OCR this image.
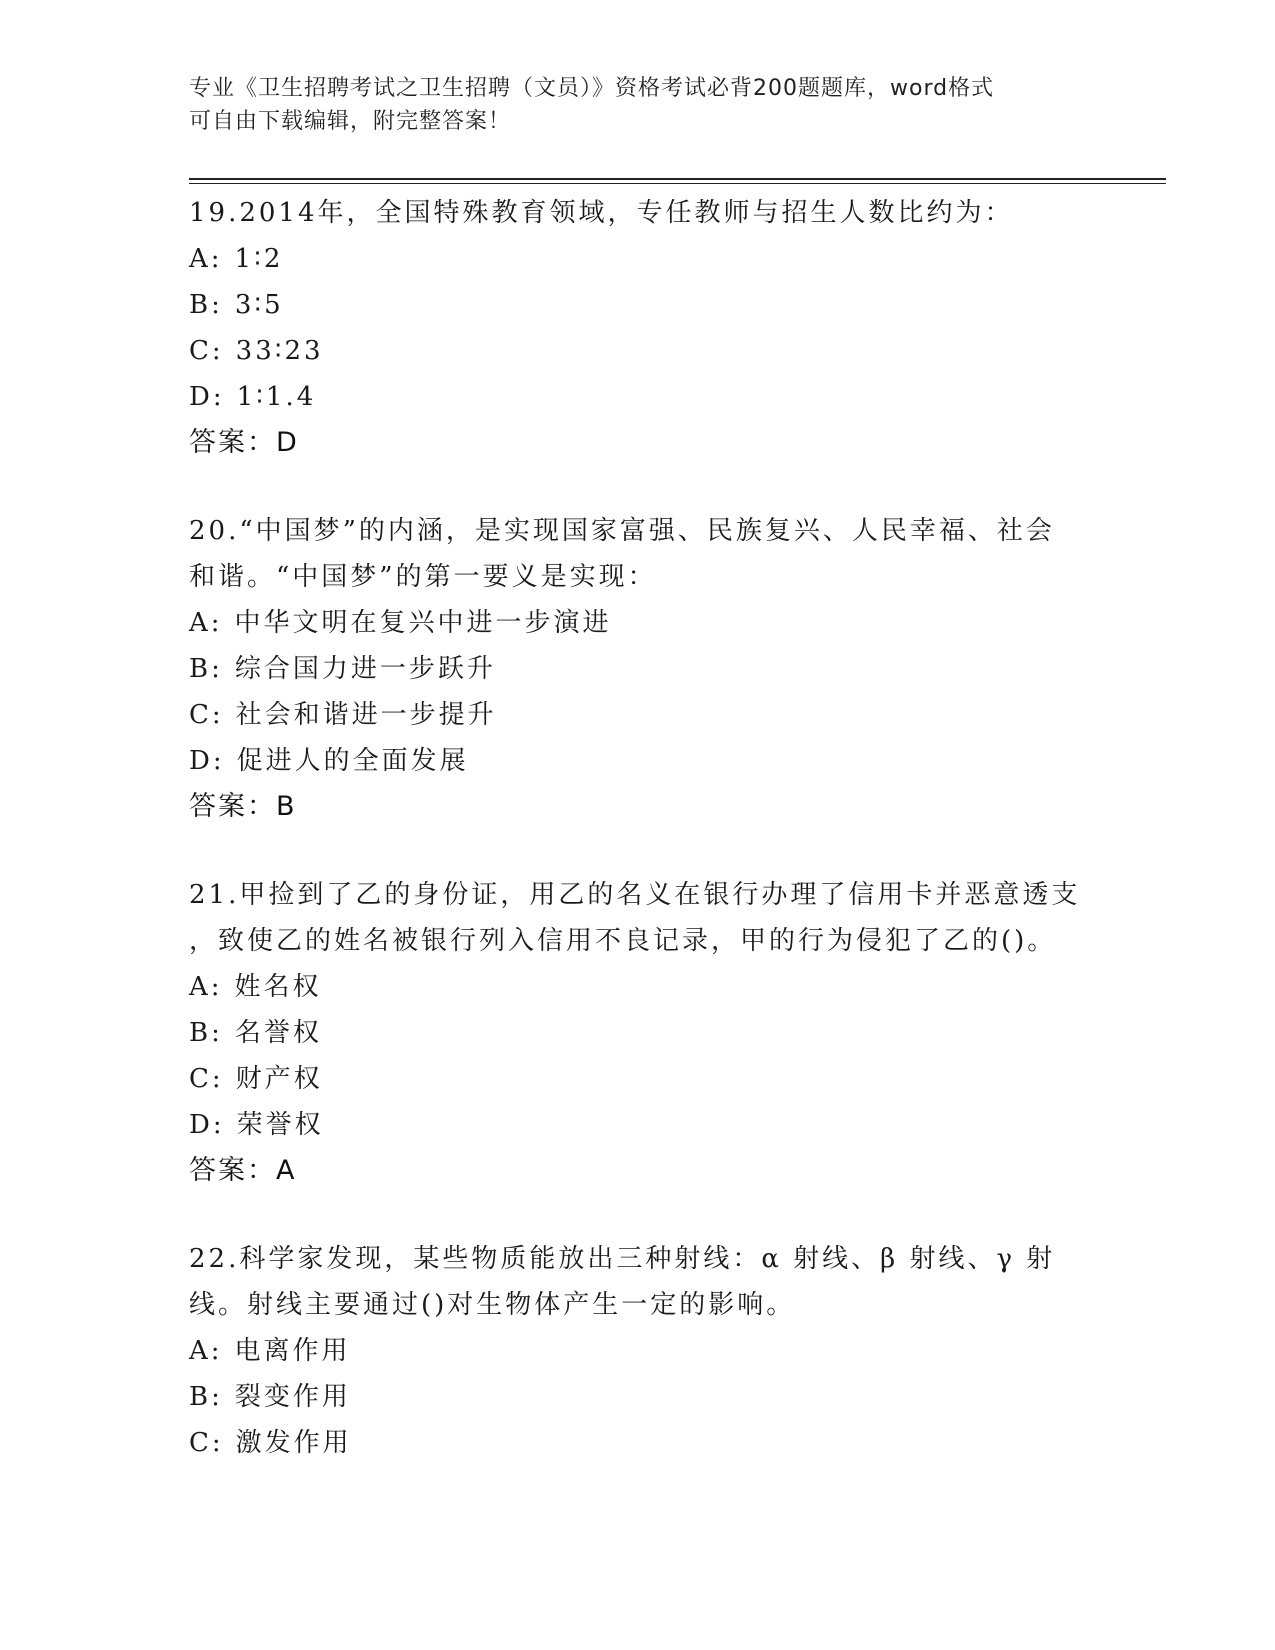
专业《卫生招聘考试之卫生招聘（文员）》资格考试必背200题题库，word格式

可自由下载编辑，附完整答案！

19.2014年，全国特殊教育领域，专任教师与招生人数比约为：
A: 1∶2
B: 3∶5
C: 33∶23
D: 1∶1.4
答案：D
20.“中国梦”的内涵，是实现国家富强、民族复兴、人民幸福、社会
和谐。“中国梦”的第一要义是实现：
A: 中华文明在复兴中进一步演进
B: 综合国力进一步跃升
C: 社会和谐进一步提升
D: 促进人的全面发展
答案：B
21.甲捡到了乙的身份证，用乙的名义在银行办理了信用卡并恶意透支
，致使乙的姓名被银行列入信用不良记录，甲的行为侵犯了乙的()。
A: 姓名权
B: 名誉权
C: 财产权
D: 荣誉权
答案：A
22.科学家发现，某些物质能放出三种射线：α 射线、β 射线、γ 射
线。射线主要通过()对生物体产生一定的影响。
A: 电离作用
B: 裂变作用
C: 激发作用
